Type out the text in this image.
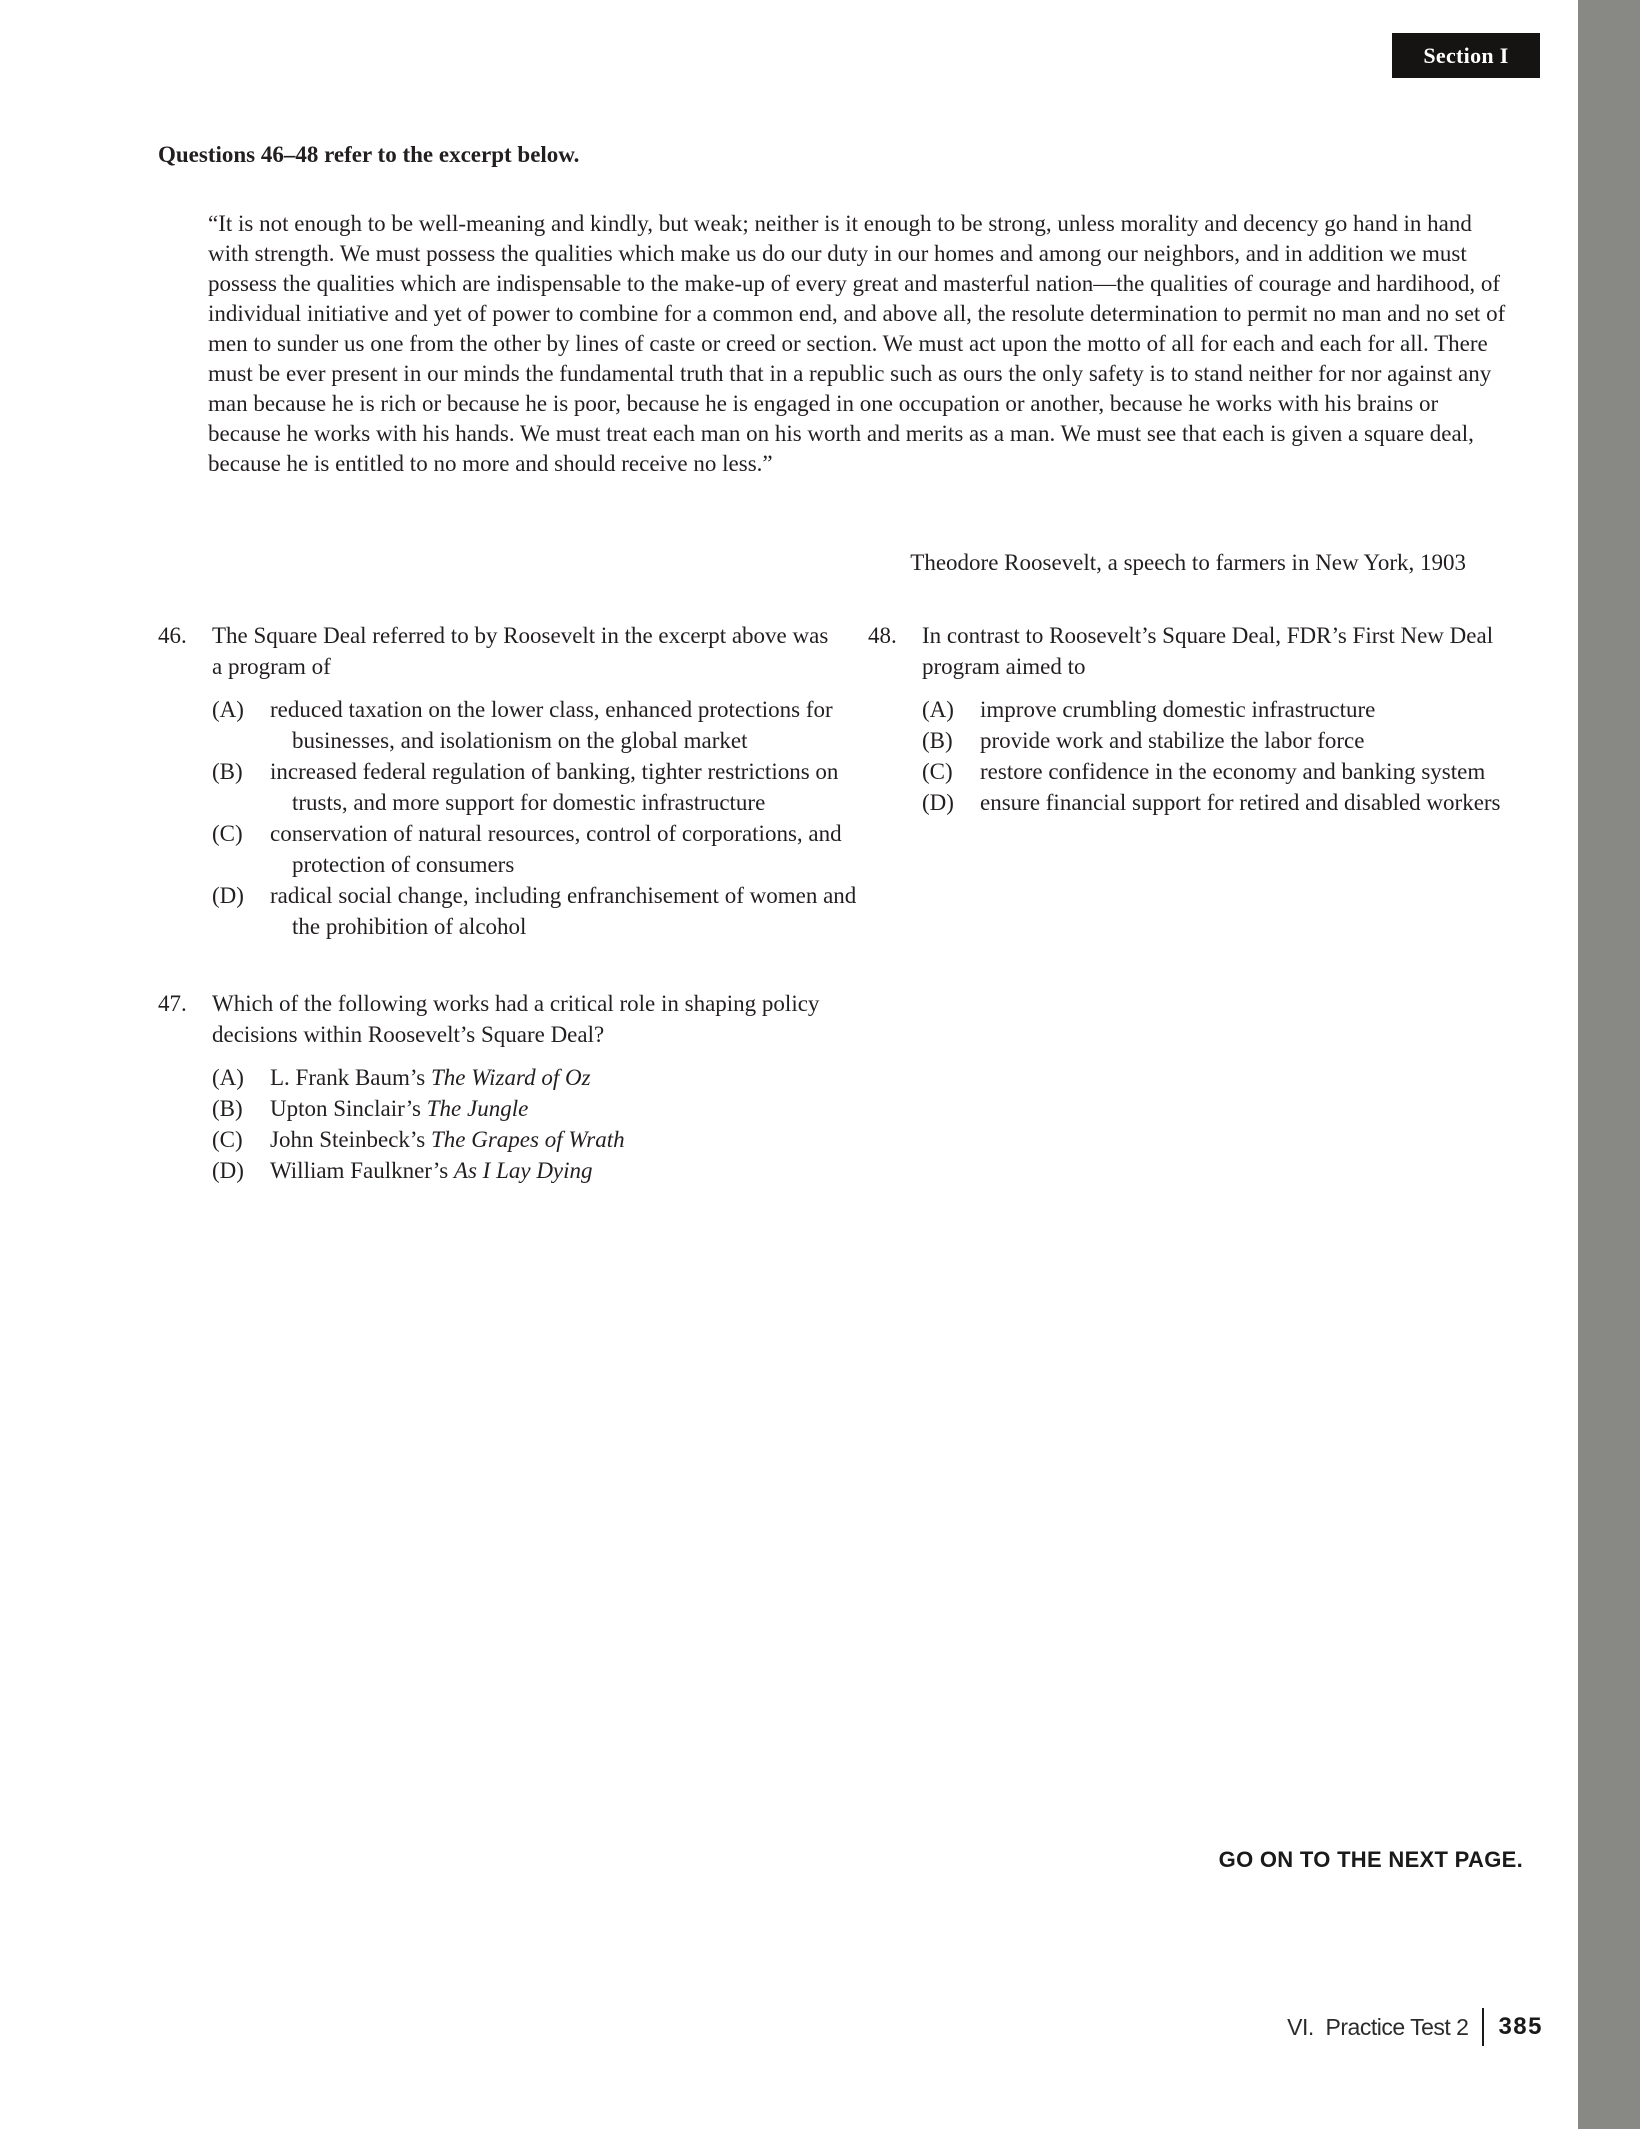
Section I
Questions 46–48 refer to the excerpt below.
“It is not enough to be well-meaning and kindly, but weak; neither is it enough to be strong, unless morality and decency go hand in hand with strength. We must possess the qualities which make us do our duty in our homes and among our neighbors, and in addition we must possess the qualities which are indispensable to the make-up of every great and masterful nation—the qualities of courage and hardihood, of individual initiative and yet of power to combine for a common end, and above all, the resolute determination to permit no man and no set of men to sunder us one from the other by lines of caste or creed or section. We must act upon the motto of all for each and each for all. There must be ever present in our minds the fundamental truth that in a republic such as ours the only safety is to stand neither for nor against any man because he is rich or because he is poor, because he is engaged in one occupation or another, because he works with his brains or because he works with his hands. We must treat each man on his worth and merits as a man. We must see that each is given a square deal, because he is entitled to no more and should receive no less.”
Theodore Roosevelt, a speech to farmers in New York, 1903
46.	The Square Deal referred to by Roosevelt in the excerpt above was a program of
(A)	reduced taxation on the lower class, enhanced protections for businesses, and isolationism on the global market
(B)	increased federal regulation of banking, tighter restrictions on trusts, and more support for domestic infrastructure
(C)	conservation of natural resources, control of corporations, and protection of consumers
(D)	radical social change, including enfranchisement of women and the prohibition of alcohol
47.	Which of the following works had a critical role in shaping policy decisions within Roosevelt’s Square Deal?
(A)	L. Frank Baum’s The Wizard of Oz
(B)	Upton Sinclair’s The Jungle
(C)	John Steinbeck’s The Grapes of Wrath
(D)	William Faulkner’s As I Lay Dying
48.	In contrast to Roosevelt’s Square Deal, FDR’s First New Deal program aimed to
(A)	improve crumbling domestic infrastructure
(B)	provide work and stabilize the labor force
(C)	restore confidence in the economy and banking system
(D)	ensure financial support for retired and disabled workers
GO ON TO THE NEXT PAGE.
VI.  Practice Test 2 385
